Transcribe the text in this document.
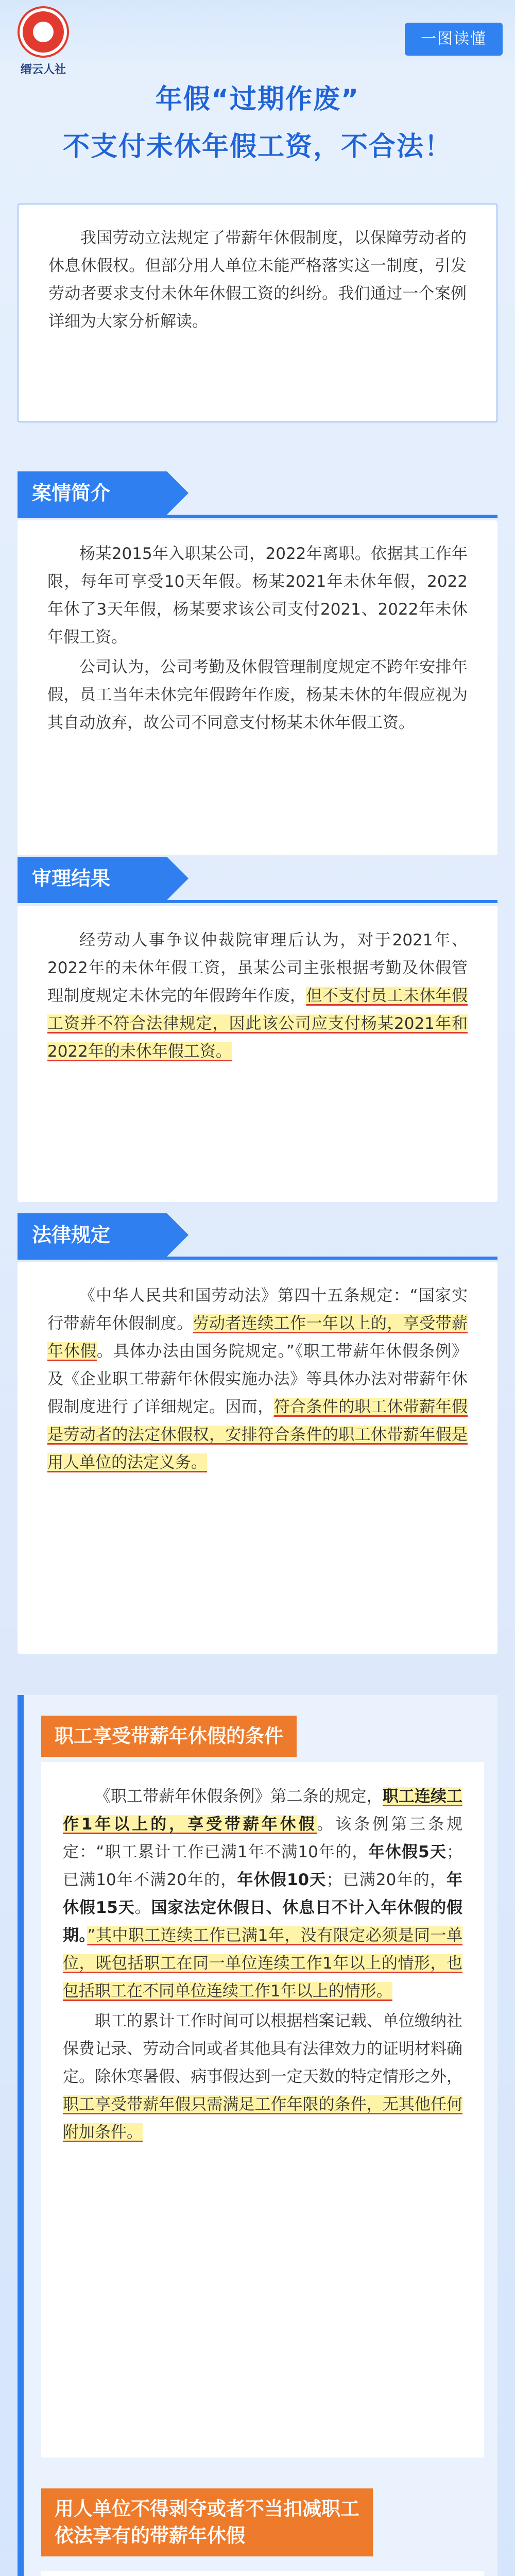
缙云人社
一图读懂
年假“过期作废”
不支付未休年假工资，不合法！

我国劳动立法规定了带薪年休假制度，以保障劳动者的休息休假权。但部分用人单位未能严格落实这一制度，引发劳动者要求支付未休年休假工资的纠纷。我们通过一个案例详细为大家分析解读。

案情简介

杨某2015年入职某公司，2022年离职。依据其工作年限，每年可享受10天年假。杨某2021年未休年假，2022年休了3天年假，杨某要求该公司支付2021、2022年未休年假工资。

公司认为，公司考勤及休假管理制度规定不跨年安排年假，员工当年未休完年假跨年作废，杨某未休的年假应视为其自动放弃，故公司不同意支付杨某未休年假工资。

审理结果

经劳动人事争议仲裁院审理后认为，对于2021年、2022年的未休年假工资，虽某公司主张根据考勤及休假管理制度规定未休完的年假跨年作废，但不支付员工未休年假工资并不符合法律规定，因此该公司应支付杨某2021年和2022年的未休年假工资。

法律规定

《中华人民共和国劳动法》第四十五条规定：“国家实行带薪年休假制度。劳动者连续工作一年以上的，享受带薪年休假。具体办法由国务院规定。”《职工带薪年休假条例》及《企业职工带薪年休假实施办法》等具体办法对带薪年休假制度进行了详细规定。因而，符合条件的职工休带薪年假是劳动者的法定休假权，安排符合条件的职工休带薪年假是用人单位的法定义务。

职工享受带薪年休假的条件

《职工带薪年休假条例》第二条的规定，职工连续工作1年以上的，享受带薪年休假。该条例第三条规定：“职工累计工作已满1年不满10年的，年休假5天；已满10年不满20年的，年休假10天；已满20年的，年休假15天。国家法定休假日、休息日不计入年休假的假期。”其中职工连续工作已满1年，没有限定必须是同一单位，既包括职工在同一单位连续工作1年以上的情形，也包括职工在不同单位连续工作1年以上的情形。

职工的累计工作时间可以根据档案记载、单位缴纳社保费记录、劳动合同或者其他具有法律效力的证明材料确定。除休寒暑假、病事假达到一定天数的特定情形之外，职工享受带薪年假只需满足工作年限的条件，无其他任何附加条件。

用人单位不得剥夺或者不当扣减职工
依法享有的带薪年休假
